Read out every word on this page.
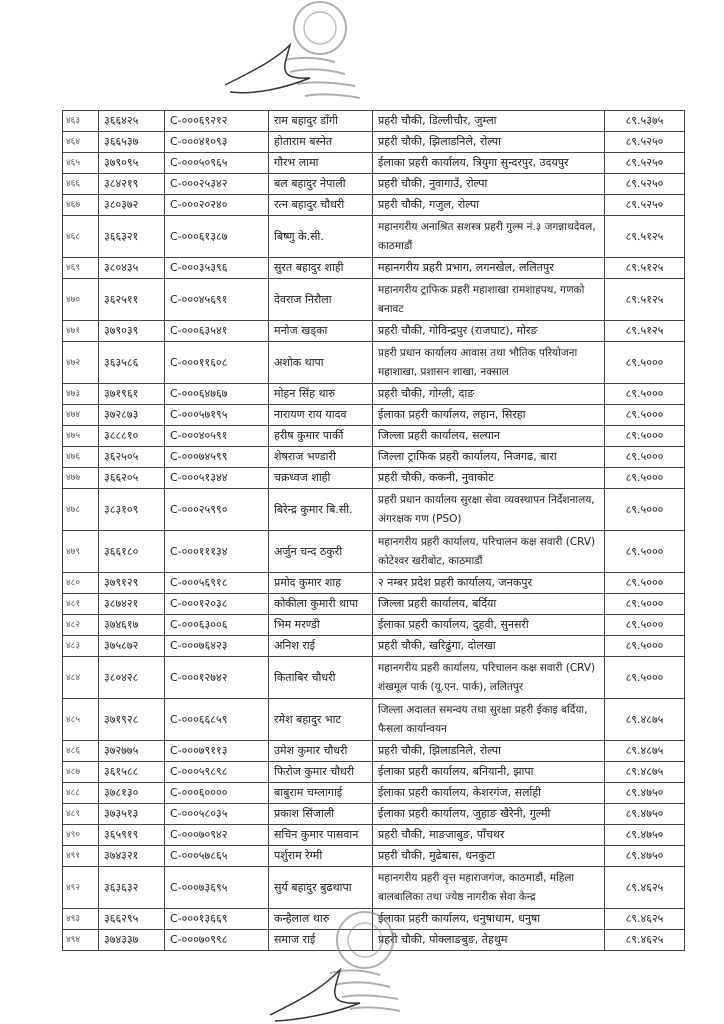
४६३	३६६४२५	C-०००६९२१२	राम बहादुर डाँगी	प्रहरी चौकी, डिल्लीचौर, जुम्ला	८९.५३७५
४६४	३६६५३७	C-०००४१०९३	होताराम बस्नेत	प्रहरी चौकी, झिलाडनिले, रोल्पा	८९.५२५०
४६५	३७९०९५	C-०००५०९६५	गौरभ लामा	ईलाका प्रहरी कार्यालय, त्रियुगा सुन्दरपुर, उदयपुर	८९.५२५०
४६६	३८४२१९	C-०००२५३४२	बल बहादुर नेपाली	प्रहरी चौकी, नुवागाउँ, रोल्पा	८९.५२५०
४६७	३८०३७२	C-०००२०२४०	रत्न बहादुर चौधरी	प्रहरी चौकी, गजुल, रोल्पा	८९.५२५०
४६८	३६६३२१	C-०००६१३८७	बिष्णु के.सी.	महानगरीय अनाश्रित सशस्त्र प्रहरी गुल्म नं.३ जगन्नाथदेवल, काठमाडौं	८९.५१२५
४६९	३८०४३५	C-०००३५३९६	सुरत बहादुर शाही	महानगरीय प्रहरी प्रभाग, लगनखेल, ललितपुर	८९.५१२५
४७०	३६२५११	C-०००४५६९१	देवराज निरौला	महानगरीय ट्राफिक प्रहरी महाशाखा रामशाहपथ, गणको बनावट	८९.५१२५
४७१	३७९०३९	C-०००६३५४१	मनोज खड्का	प्रहरी चौकी, गोविन्द्रपुर (राजघाट), मोरङ	८९.५१२५
४७२	३६३५८६	C-०००११६०८	अशोक थापा	प्रहरी प्रधान कार्यालय आवास तथा भौतिक परियोजना महाशाखा, प्रशासन शाखा, नक्साल	८९.५०००
४७३	३७१९६१	C-०००६४७६७	मोहन सिंह थारु	प्रहरी चौकी, गोग्ली, दाङ	८९.५०००
४७४	३७२८७३	C-०००५७१९५	नारायण राय यादव	ईलाका प्रहरी कार्यालय, लहान, सिरहा	८९.५०००
४७५	३८८८१०	C-०००४०५९१	हरीष कुमार पार्की	जिल्ला प्रहरी कार्यालय, सल्यान	८९.५०००
४७६	३६२५०५	C-०००७४५९९	शेषराज भण्डारी	जिल्ला ट्राफिक प्रहरी कार्यालय, निजगढ, बारा	८९.५०००
४७७	३६६२०५	C-०००५१३४४	चक्रध्वज शाही	प्रहरी चौकी, ककनी, नुवाकोट	८९.५०००
४७८	३८३१०९	C-०००२५९९०	बिरेन्द्र कुमार बि.सी.	प्रहरी प्रधान कार्यालय सुरक्षा सेवा व्यवस्थापन निर्देशनालय, अंगरक्षक गण (PSO)	८९.५०००
४७९	३६६१८०	C-०००१११३४	अर्जुन चन्द ठकुरी	महानगरीय प्रहरी कार्यालय, परिचालन कक्ष सवारी (CRV) कोटेश्वर खरीबोट, काठमाडौं	८९.५०००
४८०	३७९१२९	C-०००५६९१८	प्रमोद कुमार शाह	२ नम्बर प्रदेश प्रहरी कार्यालय, जनकपुर	८९.५०००
४८१	३८७४२१	C-०००१२०३८	कोकीला कुमारी थापा	जिल्ला प्रहरी कार्यालय, बर्दिया	८९.५०००
४८२	३७४६१७	C-०००६३००६	भिम मरण्डी	ईलाका प्रहरी कार्यालय, दुहवी, सुनसरी	८९.५०००
४८३	३७५८७२	C-०००७६४२३	अनिश राई	प्रहरी चौकी, खरिढुंगा, दोलखा	८९.५०००
४८४	३८०४२८	C-०००१२७४२	किताबिर चौधरी	महानगरीय प्रहरी कार्यालय, परिचालन कक्ष सवारी (CRV) शंखमूल पार्क (यू.एन. पार्क), ललितपुर	८९.५०००
४८५	३७१९२८	C-०००६६८५९	रमेश बहादुर भाट	जिल्ला अदालत समन्वय तथा सुरक्षा प्रहरी ईकाइ बर्दिया, फैसला कार्यान्वयन	८९.४८७५
४८६	३७२७७५	C-०००७९११३	उमेश कुमार चौधरी	प्रहरी चौकी, झिलाडनिले, रोल्पा	८९.४८७५
४८७	३६१५८८	C-०००५९८९८	फिरोज कुमार चौधरी	ईलाका प्रहरी कार्यालय, बनियानी, झापा	८९.४८७५
४८८	३७८१३०	C-०००६००००	बाबुराम चम्लागाई	ईलाका प्रहरी कार्यालय, केशरगंज, सर्लाही	८९.४७५०
४८९	३७३५१३	C-०००५८०३५	प्रकाश सिंजाली	ईलाका प्रहरी कार्यालय, जुहाङ खैरेनी, गुल्मी	८९.४७५०
४९०	३६५९१९	C-०००७०९४२	सचिन कुमार पासवान	प्रहरी चौकी, माङजाबुङ, पाँचथर	८९.४७५०
४९१	३७४३२१	C-०००५७८६५	पर्शुराम रेग्मी	प्रहरी चौकी, मुढेबास, धनकुटा	८९.४७५०
४९२	३६३६३२	C-०००७३६९५	सुर्य बहादुर बुढथापा	महानगरीय प्रहरी वृत्त महाराजगंज, काठमाडौं, महिला बालबालिका तथा ज्येष्ठ नागरीक सेवा केन्द्र	८९.४६२५
४९३	३६६२९५	C-०००१३६६९	कन्हैलाल थारु	ईलाका प्रहरी कार्यालय, धनुषाधाम, धनुषा	८९.४६२५
४९४	३७४३३७	C-०००७०९९८	समाज राई	प्रहरी चौकी, पोक्लाङबुङ, तेहथुम	८९.४६२५
